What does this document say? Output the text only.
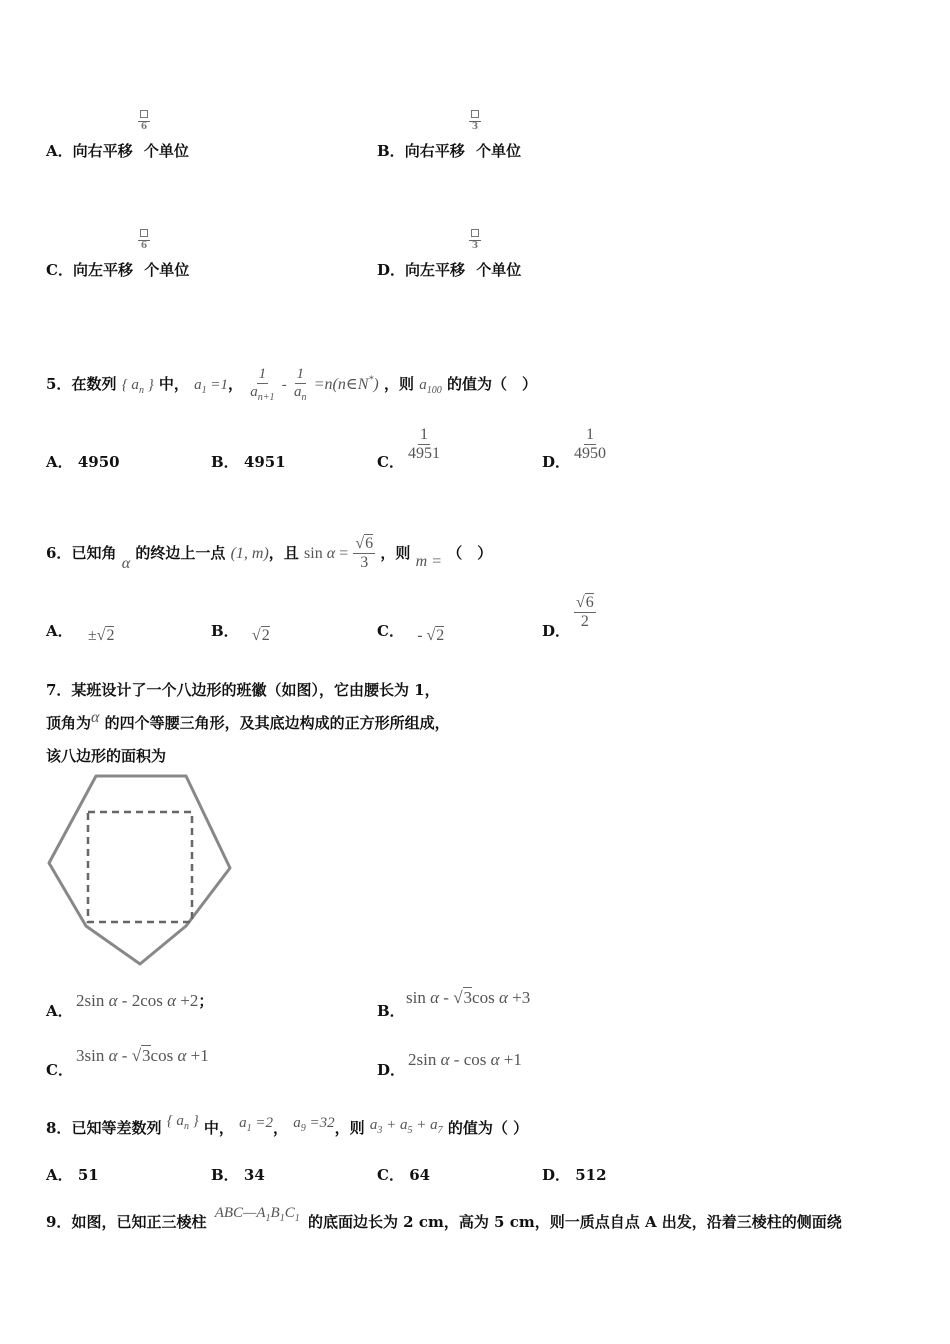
A．向右平移
6
个单位	B．向右平移
3
个单位
C．向左平移
6
个单位	D．向左平移
3
个单位
5．在数列 { $a_n$ } 中， $a_1 =1$， $\frac{1}{a_{n+1}} - \frac{1}{a_n}$ =n(n∈N*) ，则 $a_{100}$ 的值为（　）
A． 4950	B． 4951	C． $\frac{1}{4951}$	D． $\frac{1}{4950}$
6．已知角 α 的终边上一点 (1, m)，且 $\sin \alpha = \frac{√6}{3}$ ，则 m = （　）
A． ±√2	B． √2	C． - √2	D． $\frac{√6}{2}$
7．某班设计了一个八边形的班徽（如图），它由腰长为 1，
顶角为α 的四个等腰三角形，及其底边构成的正方形所组成，
该八边形的面积为
A．
2sin α - 2cos α +2；	B．
sin α - √3cos α +3
C．
3sin α - √3cos α +1
D．
2sin α - cos α +1
8．已知等差数列 { $a_n$ } 中， $a_1 =2$， $a_9 =32$，则 $a_3 + a_5 + a_7$ 的值为（ ）
A． 51	B． 34	C． 64	D． 512
9．如图，已知正三棱柱 $ABC—A_1B_1C_1$ 的底面边长为 2 cm，高为 5 cm，则一质点自点 A 出发，沿着三棱柱的侧面绕
